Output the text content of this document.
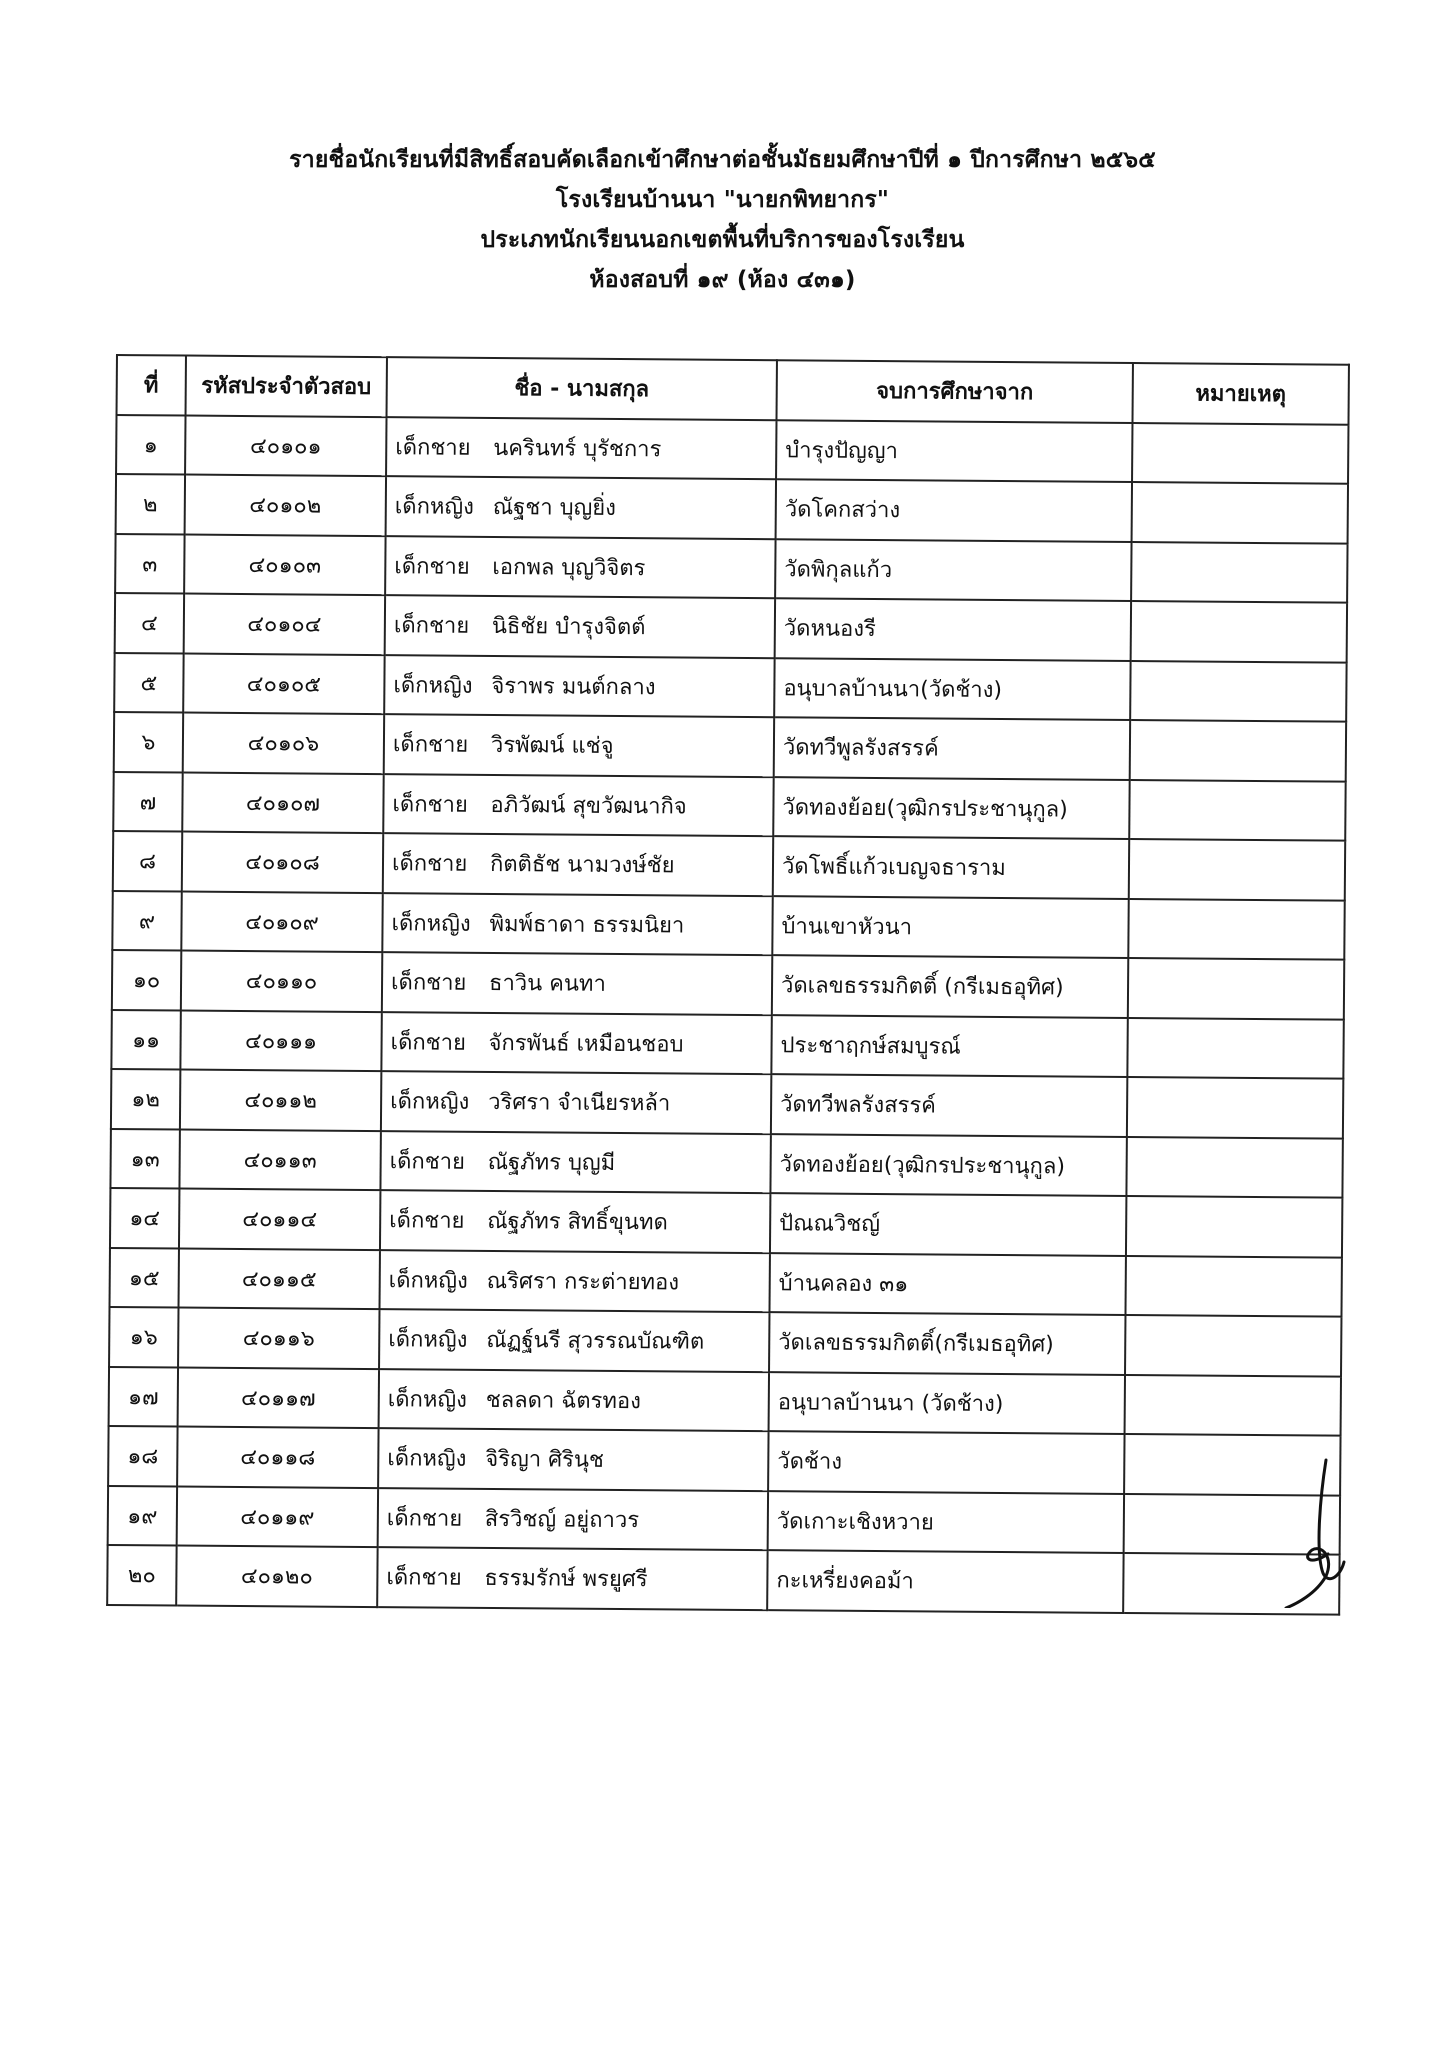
รายชื่อนักเรียนที่มีสิทธิ์สอบคัดเลือกเข้าศึกษาต่อชั้นมัธยมศึกษาปีที่ ๑ ปีการศึกษา ๒๕๖๕
โรงเรียนบ้านนา "นายกพิทยากร"
ประเภทนักเรียนนอกเขตพื้นที่บริการของโรงเรียน
ห้องสอบที่ ๑๙ (ห้อง ๔๓๑)
ที่	รหัสประจำตัวสอบ	ชื่อ - นามสกุล	จบการศึกษาจาก	หมายเหตุ
๑	๔๐๑๐๑	เด็กชาย นครินทร์ บุรัชการ	บำรุงปัญญา	
๒	๔๐๑๐๒	เด็กหญิง ณัฐชา บุญยิ่ง	วัดโคกสว่าง	
๓	๔๐๑๐๓	เด็กชาย เอกพล บุญวิจิตร	วัดพิกุลแก้ว	
๔	๔๐๑๐๔	เด็กชาย นิธิชัย บำรุงจิตต์	วัดหนองรี	
๕	๔๐๑๐๕	เด็กหญิง จิราพร มนต์กลาง	อนุบาลบ้านนา(วัดช้าง)	
๖	๔๐๑๐๖	เด็กชาย วิรพัฒน์ แช่จู	วัดทวีพูลรังสรรค์	
๗	๔๐๑๐๗	เด็กชาย อภิวัฒน์ สุขวัฒนากิจ	วัดทองย้อย(วุฒิกรประชานุกูล)	
๘	๔๐๑๐๘	เด็กชาย กิตติธัช นามวงษ์ชัย	วัดโพธิ์แก้วเบญจธาราม	
๙	๔๐๑๐๙	เด็กหญิง พิมพ์ธาดา ธรรมนิยา	บ้านเขาหัวนา	
๑๐	๔๐๑๑๐	เด็กชาย ธาวิน คนทา	วัดเลขธรรมกิตติ์ (กรีเมธอุทิศ)	
๑๑	๔๐๑๑๑	เด็กชาย จักรพันธ์ เหมือนชอบ	ประชาฤกษ์สมบูรณ์	
๑๒	๔๐๑๑๒	เด็กหญิง วริศรา จำเนียรหล้า	วัดทวีพลรังสรรค์	
๑๓	๔๐๑๑๓	เด็กชาย ณัฐภัทร บุญมี	วัดทองย้อย(วุฒิกรประชานุกูล)	
๑๔	๔๐๑๑๔	เด็กชาย ณัฐภัทร สิทธิ์ขุนทด	ปัณณวิชญ์	
๑๕	๔๐๑๑๕	เด็กหญิง ณริศรา กระต่ายทอง	บ้านคลอง ๓๑	
๑๖	๔๐๑๑๖	เด็กหญิง ณัฏฐ์นรี สุวรรณบัณฑิต	วัดเลขธรรมกิตติ์(กรีเมธอุทิศ)	
๑๗	๔๐๑๑๗	เด็กหญิง ชลลดา ฉัตรทอง	อนุบาลบ้านนา (วัดช้าง)	
๑๘	๔๐๑๑๘	เด็กหญิง จิริญา ศิรินุช	วัดช้าง	
๑๙	๔๐๑๑๙	เด็กชาย สิรวิชญ์ อยู่ถาวร	วัดเกาะเชิงหวาย	
๒๐	๔๐๑๒๐	เด็กชาย ธรรมรักษ์ พรยูศรี	กะเหรี่ยงคอม้า	
